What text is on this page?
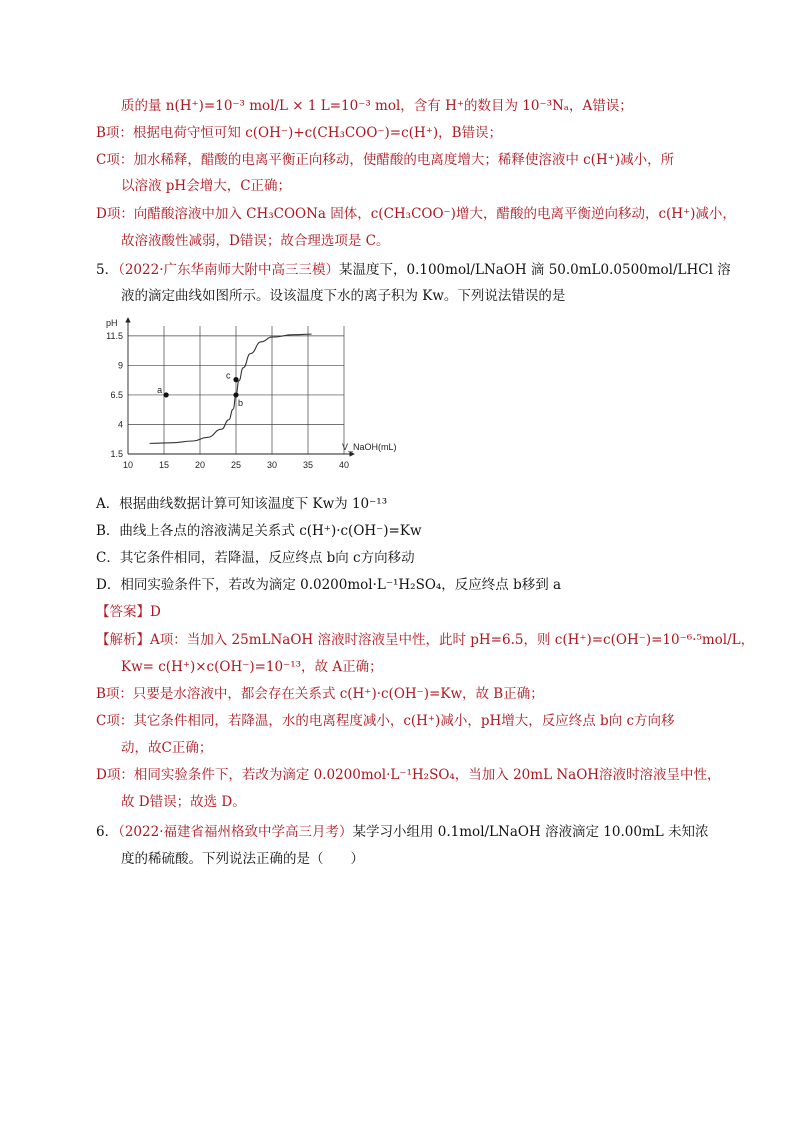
质的量 n(H⁺)=10⁻³ mol/L × 1 L=10⁻³ mol，含有 H⁺的数目为 10⁻³Nₐ，A错误；
B项：根据电荷守恒可知 c(OH⁻)+c(CH₃COO⁻)=c(H⁺)，B错误；
C项：加水稀释，醋酸的电离平衡正向移动，使醋酸的电离度增大；稀释使溶液中 c(H⁺)减小，所
以溶液 pH会增大，C正确；
D项：向醋酸溶液中加入 CH₃COONa 固体，c(CH₃COO⁻)增大，醋酸的电离平衡逆向移动，c(H⁺)减小，
故溶液酸性减弱，D错误；故合理选项是 C。
5．（2022·广东华南师大附中高三三模）某温度下，0.100mol/LNaOH 滴 50.0mL0.0500mol/LHCl 溶
液的滴定曲线如图所示。设该温度下水的离子积为 Kw。下列说法错误的是
10	15	20	25	30	35	40
1.5
4
6.5
9
11.5
a
b
c
pH
V_NaOH(mL)
A．根据曲线数据计算可知该温度下 Kw为 10⁻¹³
B．曲线上各点的溶液满足关系式 c(H⁺)·c(OH⁻)=Kw
C．其它条件相同，若降温，反应终点 b向 c方向移动
D．相同实验条件下，若改为滴定 0.0200mol·L⁻¹H₂SO₄，反应终点 b移到 a
【答案】D
【解析】A项：当加入 25mLNaOH 溶液时溶液呈中性，此时 pH=6.5，则 c(H⁺)=c(OH⁻)=10⁻⁶·⁵mol/L，
Kw= c(H⁺)×c(OH⁻)=10⁻¹³，故 A正确；
B项：只要是水溶液中，都会存在关系式 c(H⁺)·c(OH⁻)=Kw，故 B正确；
C项：其它条件相同，若降温，水的电离程度减小，c(H⁺)减小，pH增大，反应终点 b向 c方向移
动，故C正确；
D项：相同实验条件下，若改为滴定 0.0200mol·L⁻¹H₂SO₄，当加入 20mL NaOH溶液时溶液呈中性，
故 D错误；故选 D。
6．（2022·福建省福州格致中学高三月考）某学习小组用 0.1mol/LNaOH 溶液滴定 10.00mL 未知浓
度的稀硫酸。下列说法正确的是（　　）
